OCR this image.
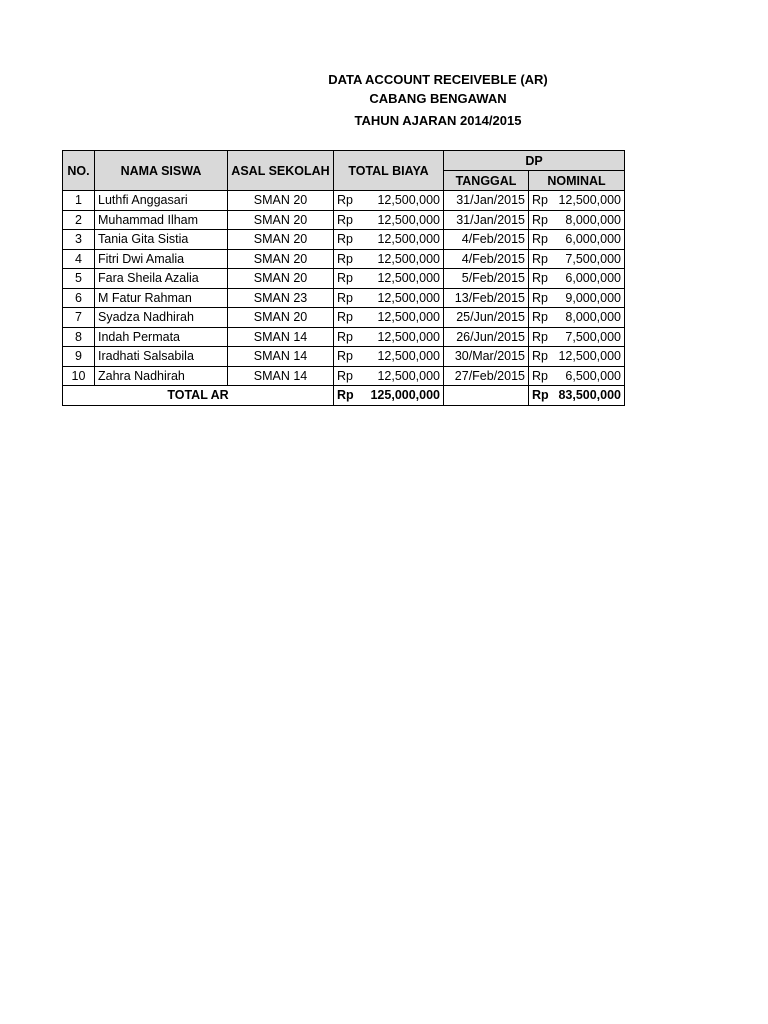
DATA ACCOUNT RECEIVEBLE (AR)
CABANG BENGAWAN
TAHUN AJARAN 2014/2015
NO.	NAMA SISWA	ASAL SEKOLAH	TOTAL BIAYA	DP	
				TANGGAL	NOMINAL
1	Luthfi Anggasari	SMAN 20	Rp 12,500,000	31/Jan/2015	Rp 12,500,000

2	Muhammad Ilham	SMAN 20	Rp 12,500,000	31/Jan/2015	Rp 8,000,000

3	Tania Gita Sistia	SMAN 20	Rp 12,500,000	4/Feb/2015	Rp 6,000,000

4	Fitri Dwi Amalia	SMAN 20	Rp 12,500,000	4/Feb/2015	Rp 7,500,000

5	Fara Sheila Azalia	SMAN 20	Rp 12,500,000	5/Feb/2015	Rp 6,000,000

6	M Fatur Rahman	SMAN 23	Rp 12,500,000	13/Feb/2015	Rp 9,000,000

7	Syadza Nadhirah	SMAN 20	Rp 12,500,000	25/Jun/2015	Rp 8,000,000

8	Indah Permata	SMAN 14	Rp 12,500,000	26/Jun/2015	Rp 7,500,000

9	Iradhati Salsabila	SMAN 14	Rp 12,500,000	30/Mar/2015	Rp 12,500,000

10	Zahra Nadhirah	SMAN 14	Rp 12,500,000	27/Feb/2015	Rp 6,500,000

TOTAL AR			Rp 125,000,000		Rp 83,500,000
